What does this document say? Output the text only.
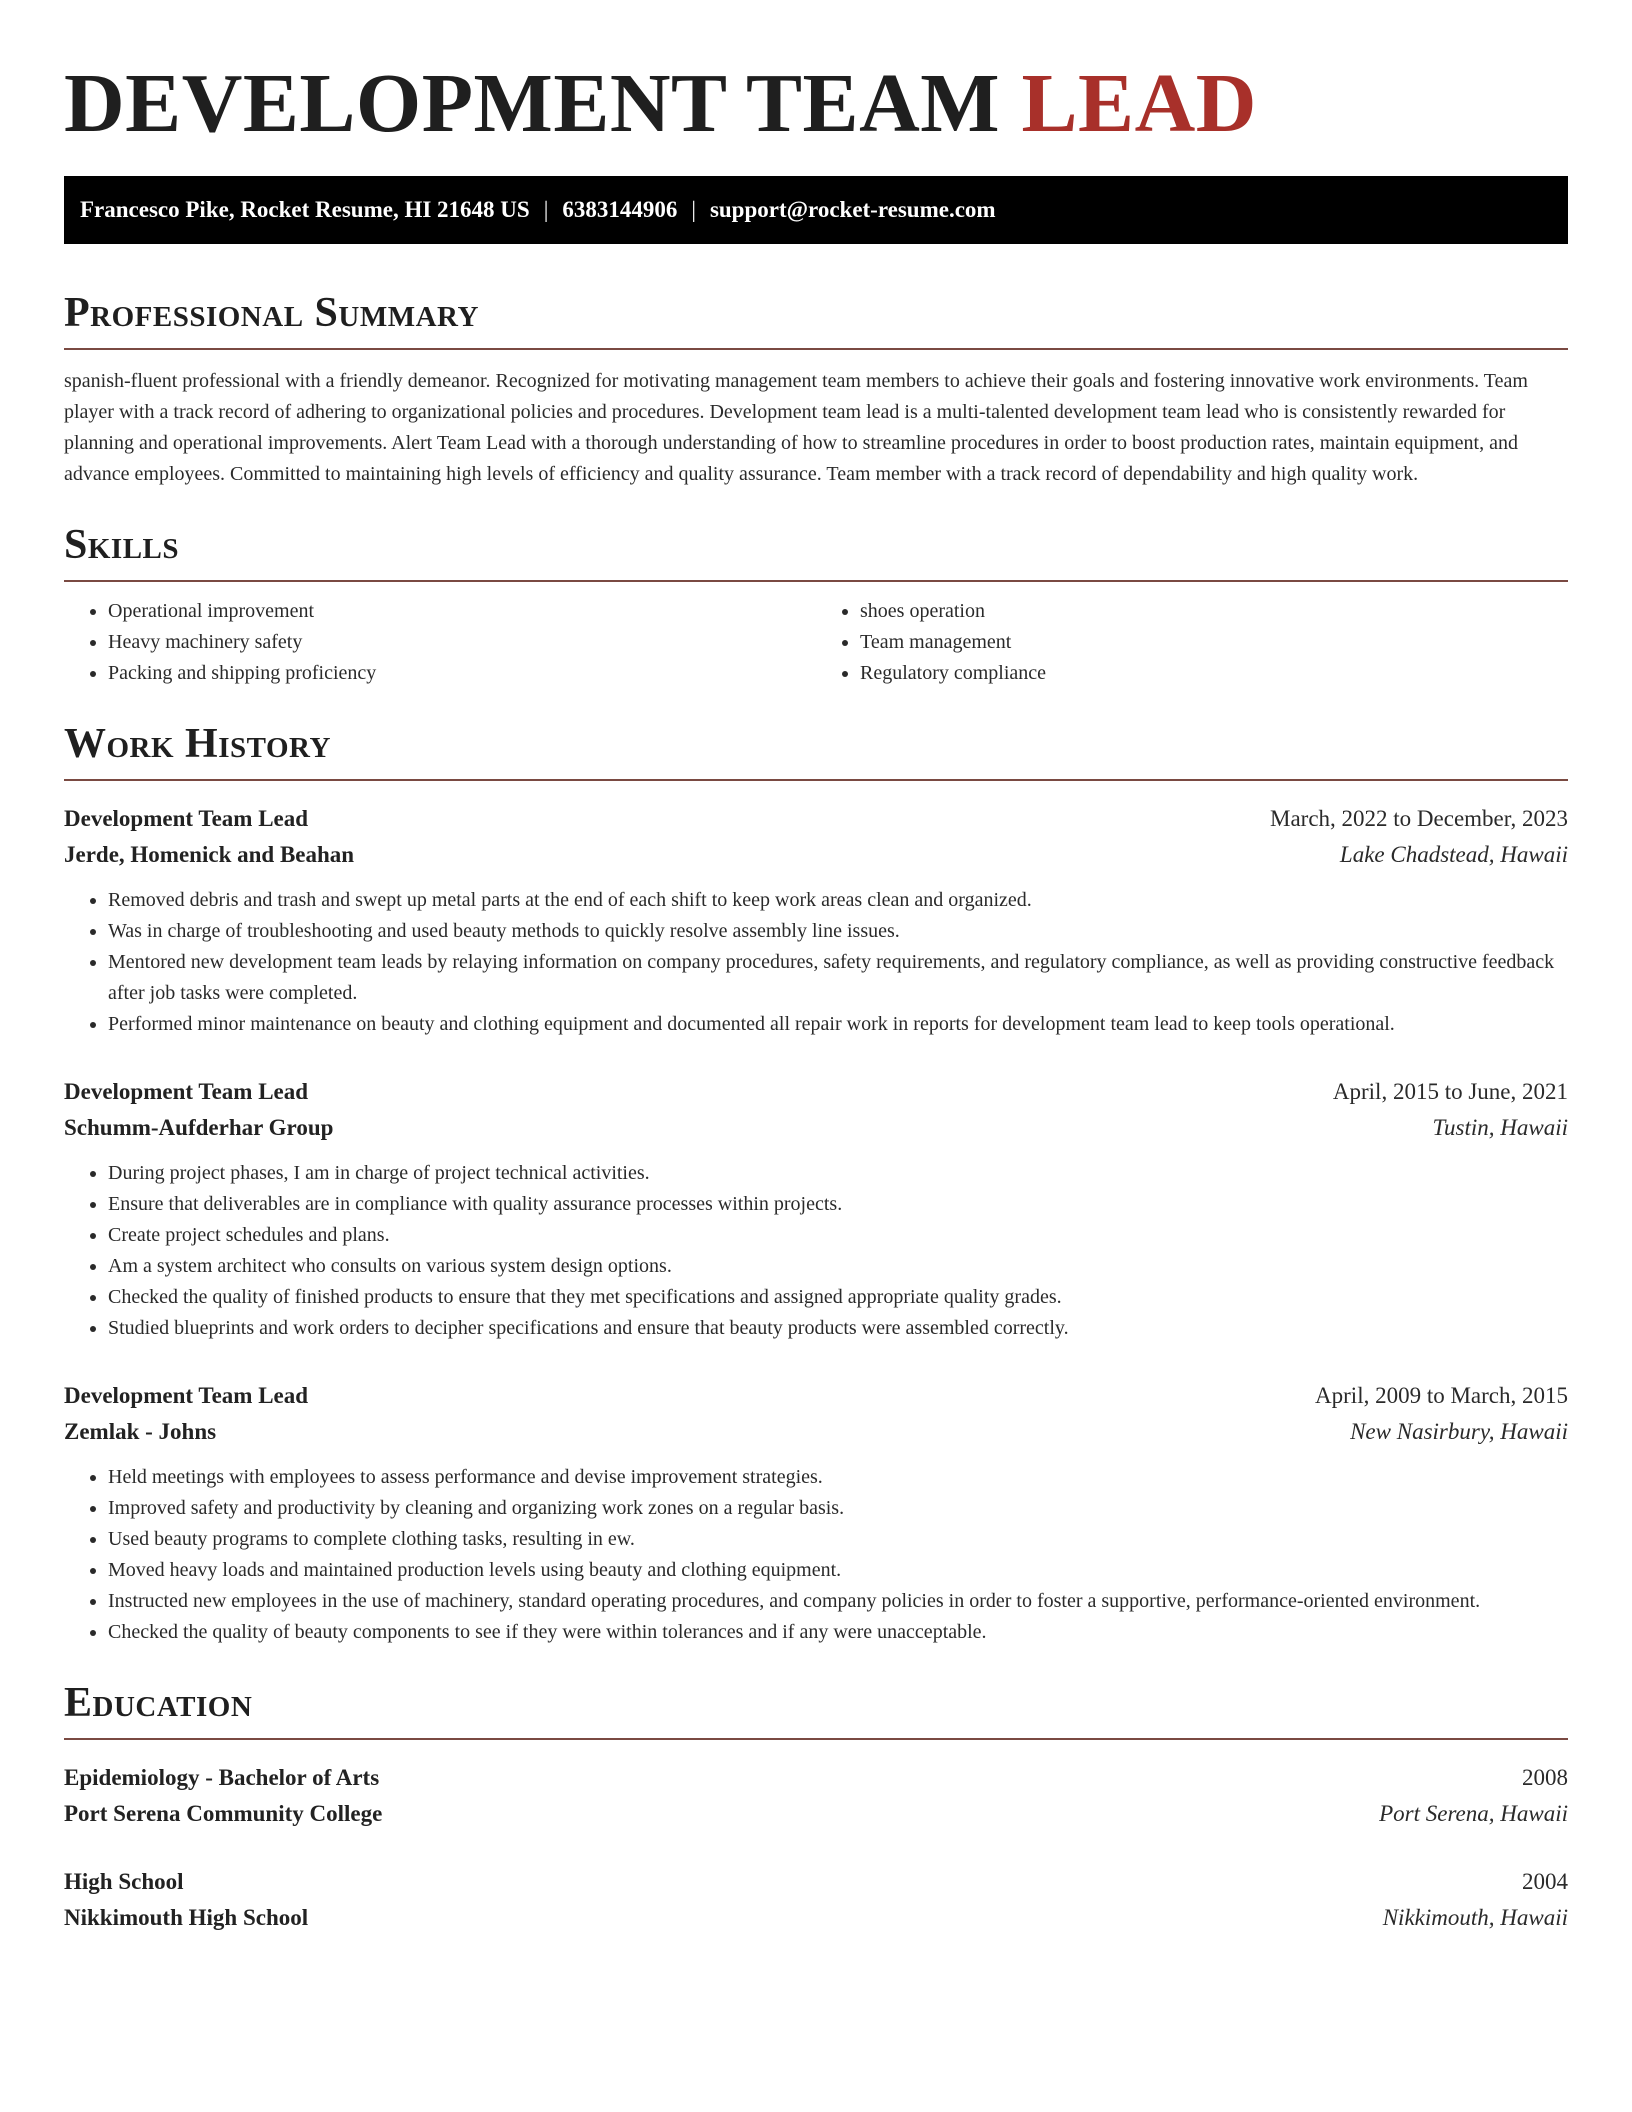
DEVELOPMENT TEAM LEAD
Francesco Pike, Rocket Resume, HI 21648 US | 6383144906 | support@rocket-resume.com
Professional Summary

spanish-fluent professional with a friendly demeanor. Recognized for motivating management team members to achieve their goals and fostering innovative work environments. Team player with a track record of adhering to organizational policies and procedures. Development team lead is a multi-talented development team lead who is consistently rewarded for planning and operational improvements. Alert Team Lead with a thorough understanding of how to streamline procedures in order to boost production rates, maintain equipment, and advance employees. Committed to maintaining high levels of efficiency and quality assurance. Team member with a track record of dependability and high quality work.

Skills
• Operational improvement
• Heavy machinery safety
• Packing and shipping proficiency
• shoes operation
• Team management
• Regulatory compliance
Work History
Development Team Lead	March, 2022 to December, 2023
Jerde, Homenick and Beahan	Lake Chadstead, Hawaii
• Removed debris and trash and swept up metal parts at the end of each shift to keep work areas clean and organized.
• Was in charge of troubleshooting and used beauty methods to quickly resolve assembly line issues.
• Mentored new development team leads by relaying information on company procedures, safety requirements, and regulatory compliance, as well as providing constructive feedback after job tasks were completed.
• Performed minor maintenance on beauty and clothing equipment and documented all repair work in reports for development team lead to keep tools operational.
Development Team Lead	April, 2015 to June, 2021
Schumm-Aufderhar Group	Tustin, Hawaii
• During project phases, I am in charge of project technical activities.
• Ensure that deliverables are in compliance with quality assurance processes within projects.
• Create project schedules and plans.
• Am a system architect who consults on various system design options.
• Checked the quality of finished products to ensure that they met specifications and assigned appropriate quality grades.
• Studied blueprints and work orders to decipher specifications and ensure that beauty products were assembled correctly.
Development Team Lead	April, 2009 to March, 2015
Zemlak - Johns	New Nasirbury, Hawaii
• Held meetings with employees to assess performance and devise improvement strategies.
• Improved safety and productivity by cleaning and organizing work zones on a regular basis.
• Used beauty programs to complete clothing tasks, resulting in ew.
• Moved heavy loads and maintained production levels using beauty and clothing equipment.
• Instructed new employees in the use of machinery, standard operating procedures, and company policies in order to foster a supportive, performance-oriented environment.
• Checked the quality of beauty components to see if they were within tolerances and if any were unacceptable.
Education
Epidemiology - Bachelor of Arts	2008
Port Serena Community College	Port Serena, Hawaii
High School	2004
Nikkimouth High School	Nikkimouth, Hawaii
